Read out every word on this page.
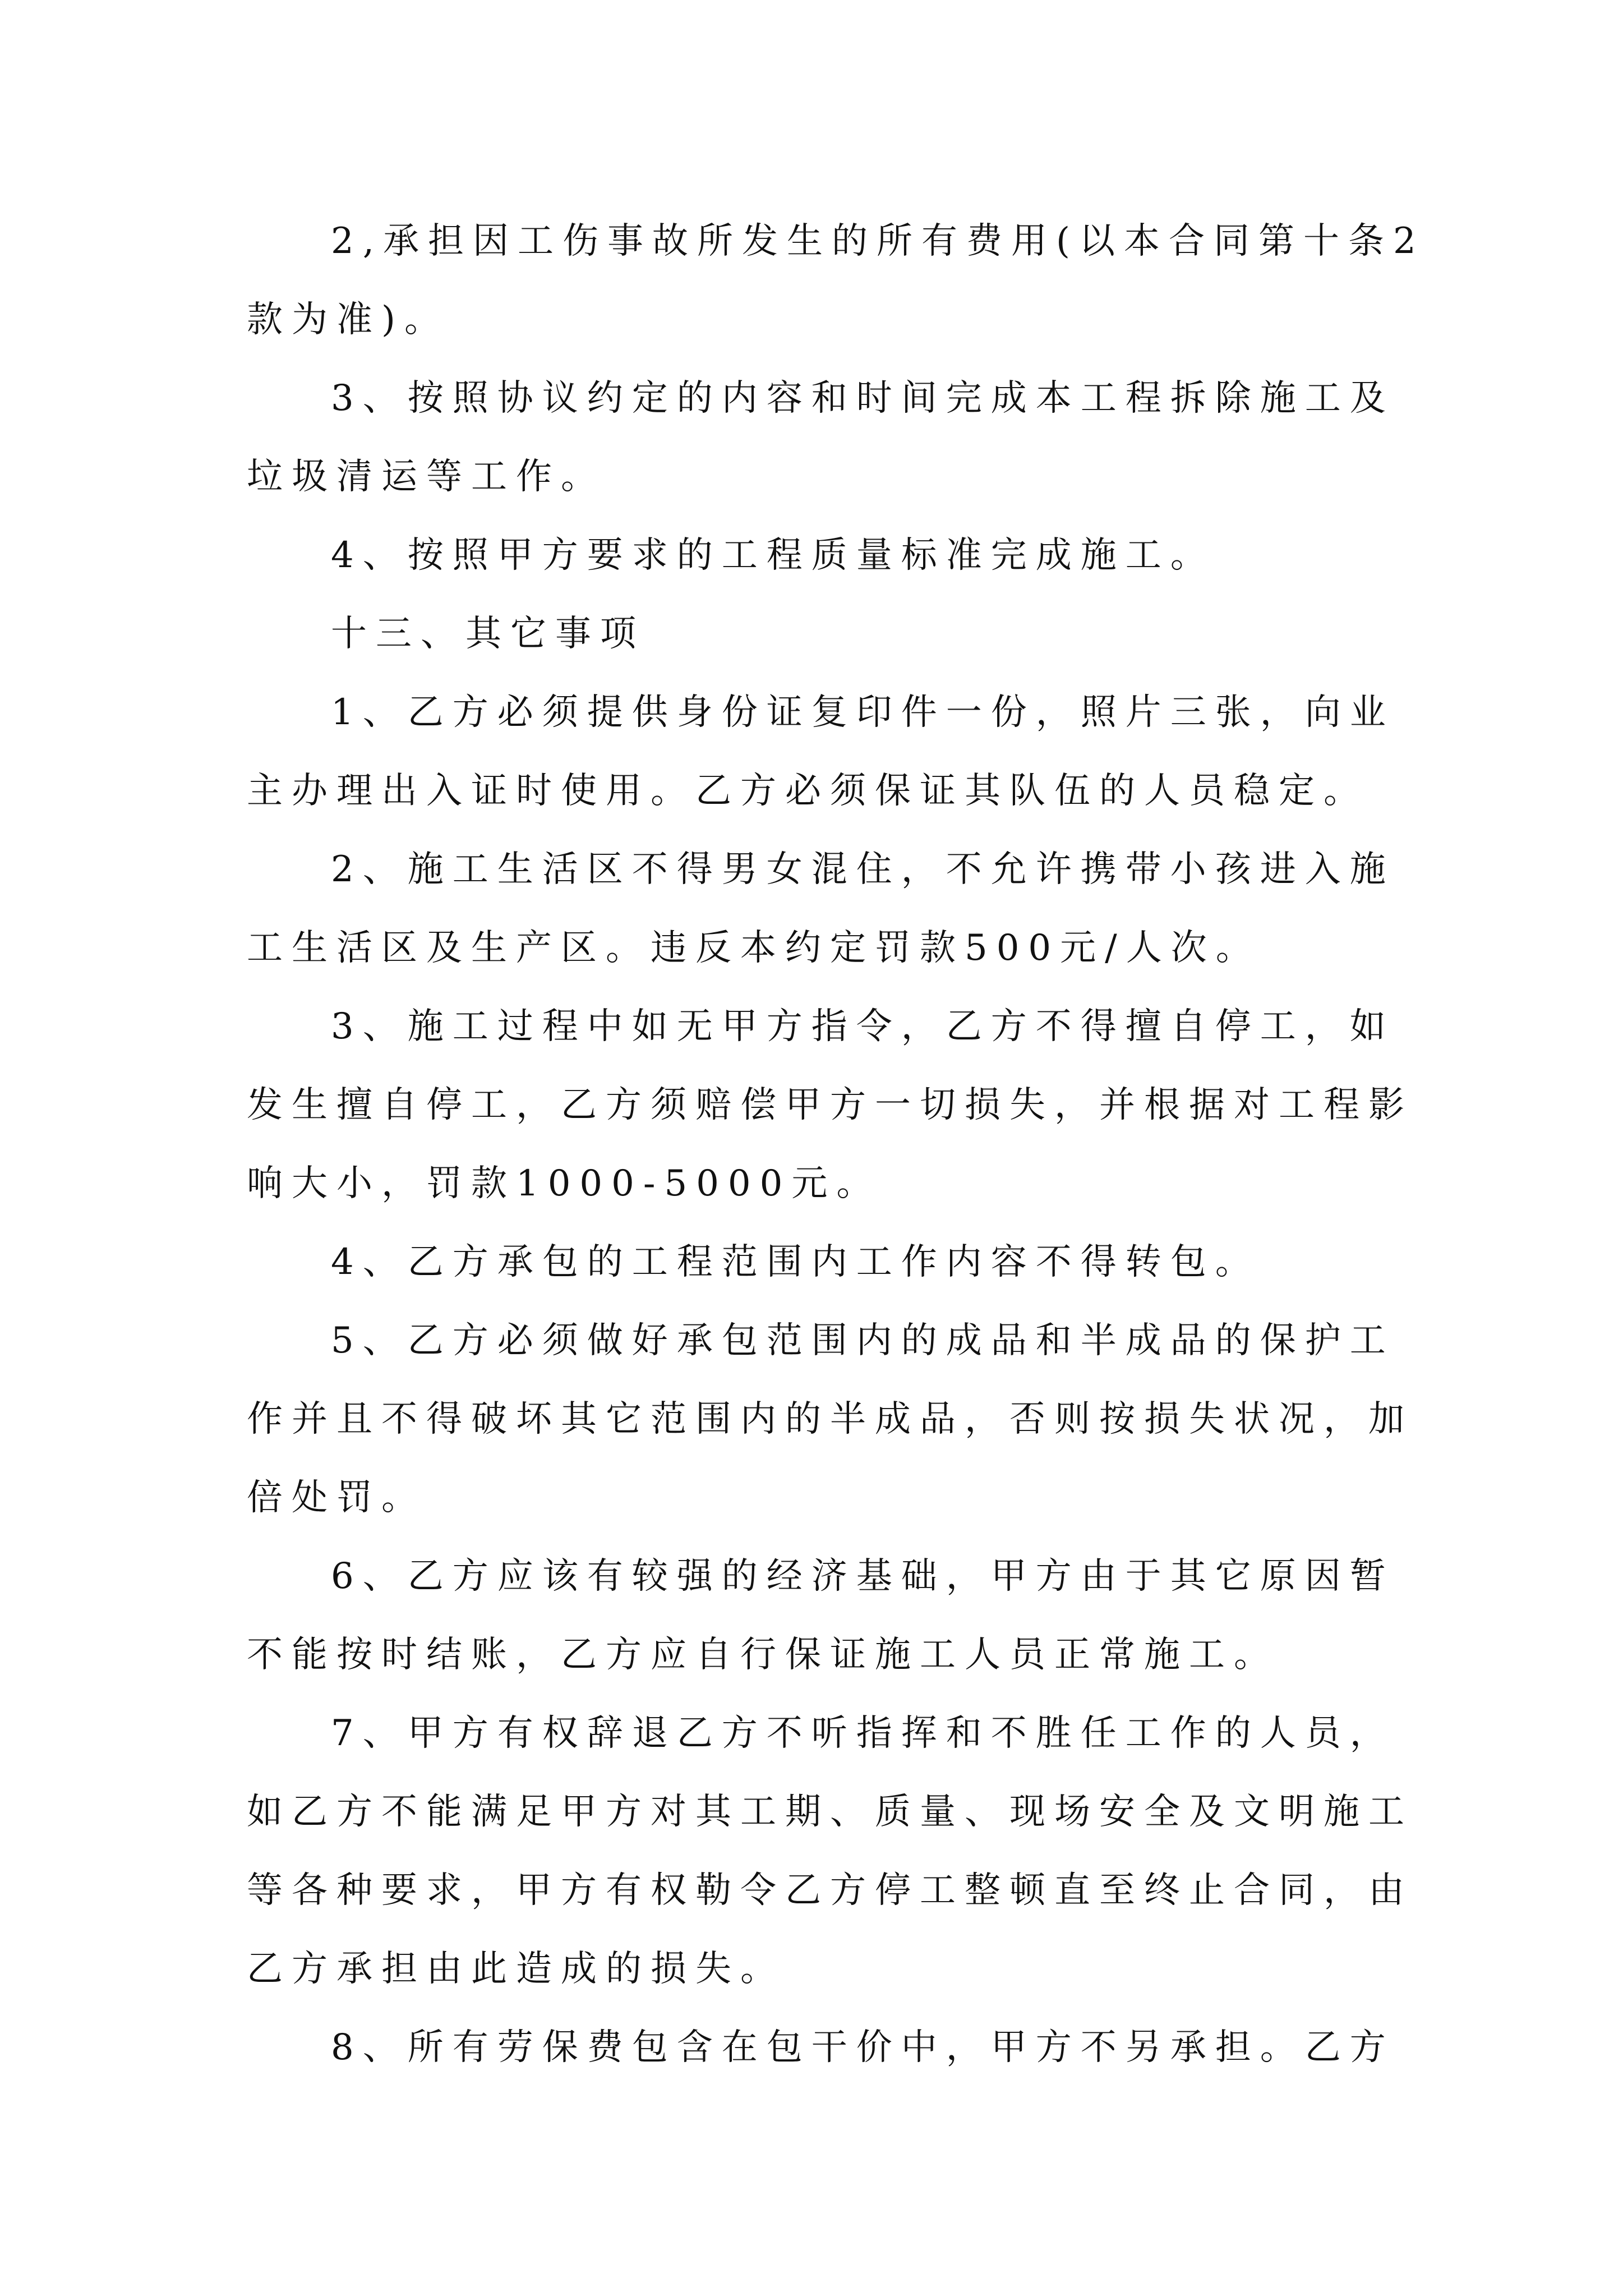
2,承担因工伤事故所发生的所有费用(以本合同第十条2
款为准)。
3、按照协议约定的内容和时间完成本工程拆除施工及
垃圾清运等工作。
4、按照甲方要求的工程质量标准完成施工。
十三、其它事项
1、乙方必须提供身份证复印件一份，照片三张，向业
主办理出入证时使用。乙方必须保证其队伍的人员稳定。
2、施工生活区不得男女混住，不允许携带小孩进入施
工生活区及生产区。违反本约定罚款500元/人次。
3、施工过程中如无甲方指令，乙方不得擅自停工，如
发生擅自停工，乙方须赔偿甲方一切损失，并根据对工程影
响大小，罚款1000-5000元。
4、乙方承包的工程范围内工作内容不得转包。
5、乙方必须做好承包范围内的成品和半成品的保护工
作并且不得破坏其它范围内的半成品，否则按损失状况，加
倍处罚。
6、乙方应该有较强的经济基础，甲方由于其它原因暂
不能按时结账，乙方应自行保证施工人员正常施工。
7、甲方有权辞退乙方不听指挥和不胜任工作的人员，
如乙方不能满足甲方对其工期、质量、现场安全及文明施工
等各种要求，甲方有权勒令乙方停工整顿直至终止合同，由
乙方承担由此造成的损失。
8、所有劳保费包含在包干价中，甲方不另承担。乙方
